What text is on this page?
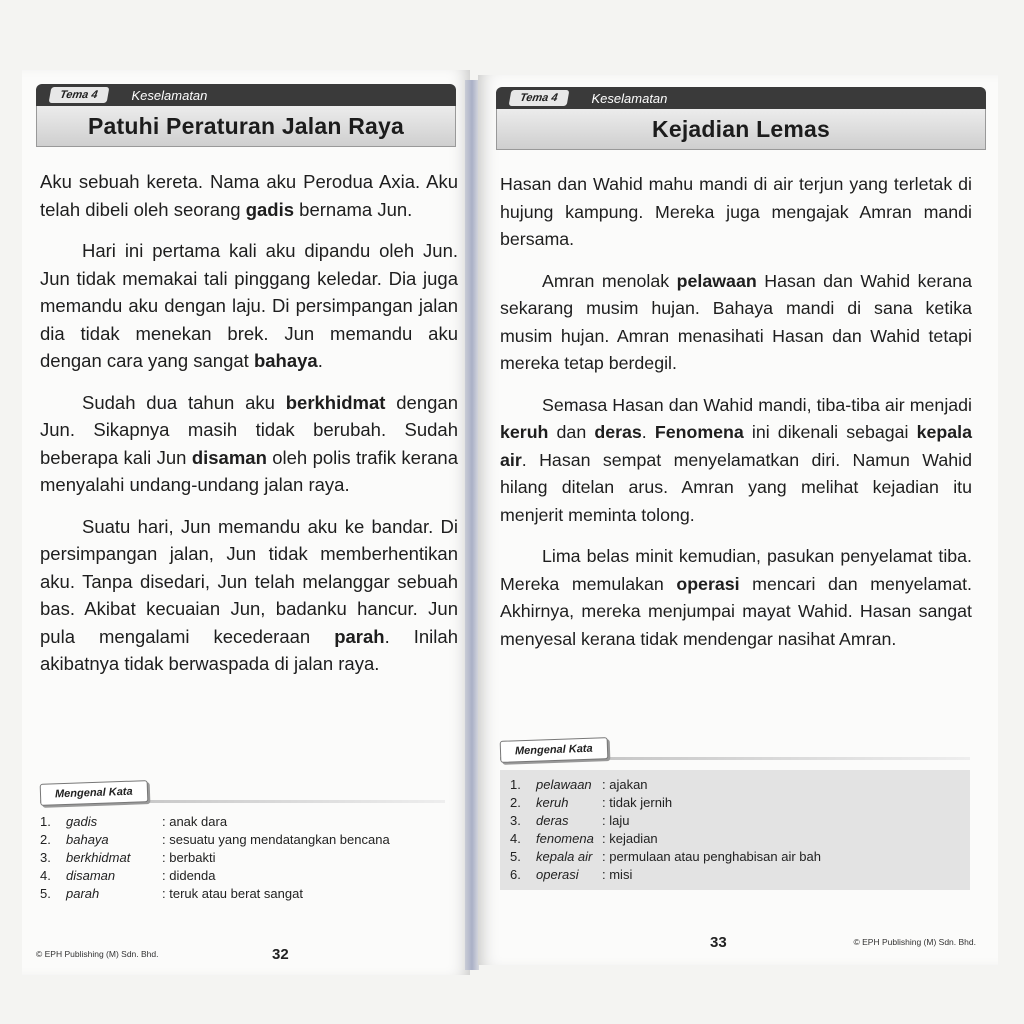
Tema 4	Keselamatan
Patuhi Peraturan Jalan Raya

Aku sebuah kereta. Nama aku Perodua Axia. Aku telah dibeli oleh seorang gadis bernama Jun.

Hari ini pertama kali aku dipandu oleh Jun. Jun tidak memakai tali pinggang keledar. Dia juga memandu aku dengan laju. Di persimpangan jalan dia tidak menekan brek. Jun memandu aku dengan cara yang sangat bahaya.

Sudah dua tahun aku berkhidmat dengan Jun. Sikapnya masih tidak berubah. Sudah beberapa kali Jun disaman oleh polis trafik kerana menyalahi undang-undang jalan raya.

Suatu hari, Jun memandu aku ke bandar. Di persimpangan jalan, Jun tidak memberhentikan aku. Tanpa disedari, Jun telah melanggar sebuah bas. Akibat kecuaian Jun, badanku hancur. Jun pula mengalami kecederaan parah. Inilah akibatnya tidak berwaspada di jalan raya.

Mengenal Kata
1.	gadis	: anak dara
2.	bahaya	: sesuatu yang mendatangkan bencana
3.	berkhidmat	: berbakti
4.	disaman	: didenda
5.	parah	: teruk atau berat sangat
© EPH Publishing (M) Sdn. Bhd.	32
Tema 4	Keselamatan
Kejadian Lemas

Hasan dan Wahid mahu mandi di air terjun yang terletak di hujung kampung. Mereka juga mengajak Amran mandi bersama.

Amran menolak pelawaan Hasan dan Wahid kerana sekarang musim hujan. Bahaya mandi di sana ketika musim hujan. Amran menasihati Hasan dan Wahid tetapi mereka tetap berdegil.

Semasa Hasan dan Wahid mandi, tiba-tiba air menjadi keruh dan deras. Fenomena ini dikenali sebagai kepala air. Hasan sempat menyelamatkan diri. Namun Wahid hilang ditelan arus. Amran yang melihat kejadian itu menjerit meminta tolong.

Lima belas minit kemudian, pasukan penyelamat tiba. Mereka memulakan operasi mencari dan menyelamat. Akhirnya, mereka menjumpai mayat Wahid. Hasan sangat menyesal kerana tidak mendengar nasihat Amran.

Mengenal Kata
1.	pelawaan : ajakan
2.	keruh	: tidak jernih
3.	deras	: laju
4.	fenomena : kejadian
5.	kepala air : permulaan atau penghabisan air bah
6.	operasi	: misi
33	© EPH Publishing (M) Sdn. Bhd.
